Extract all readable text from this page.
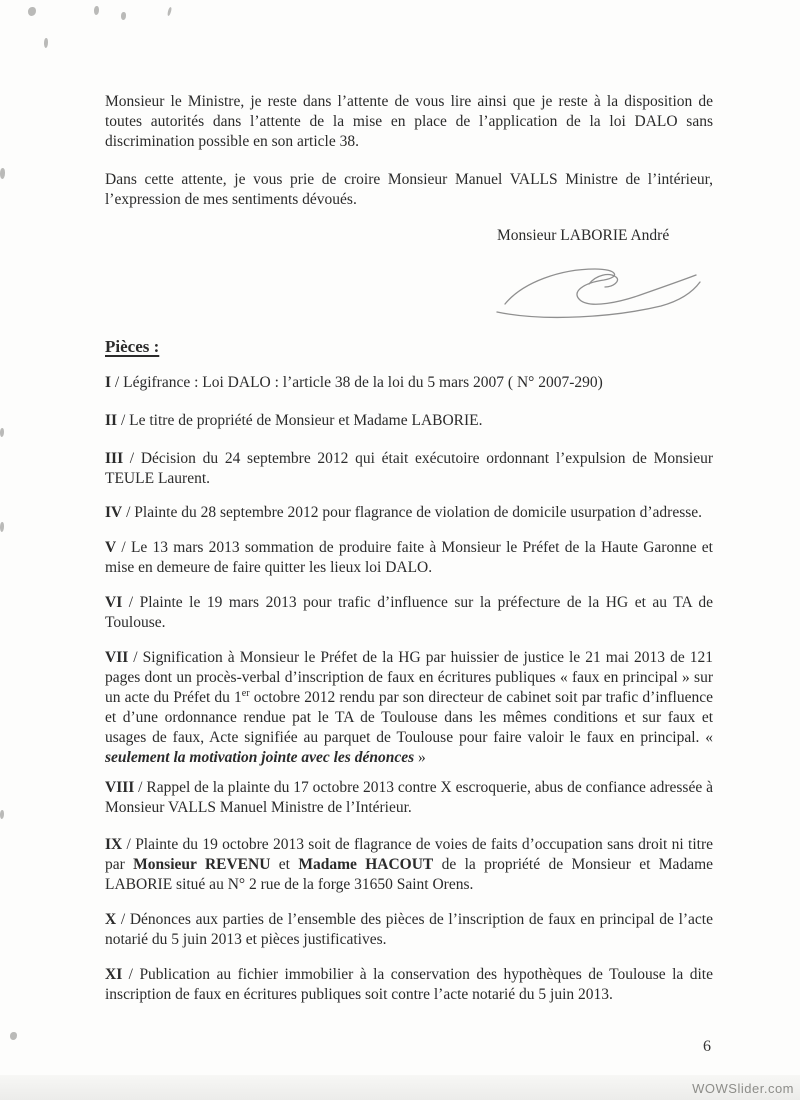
Monsieur le Ministre, je reste dans l’attente de vous lire ainsi que je reste à la disposition de toutes autorités dans l’attente de la mise en place de l’application de la loi DALO sans discrimination possible en son article 38.

Dans cette attente, je vous prie de croire Monsieur Manuel VALLS Ministre de l’intérieur, l’expression de mes sentiments dévoués.

Monsieur LABORIE André
Pièces :

I / Légifrance : Loi DALO : l’article 38 de la loi du 5 mars 2007 ( N° 2007-290)

II / Le titre de propriété de Monsieur et Madame LABORIE.

III / Décision du 24 septembre 2012 qui était exécutoire ordonnant l’expulsion de Monsieur TEULE Laurent.

IV / Plainte du 28 septembre 2012 pour flagrance de violation de domicile usurpation d’adresse.

V / Le 13 mars 2013 sommation de produire faite à Monsieur le Préfet de la Haute Garonne et mise en demeure de faire quitter les lieux loi DALO.

VI / Plainte le 19 mars 2013 pour trafic d’influence sur la préfecture de la HG et au TA de Toulouse.

VII / Signification à Monsieur le Préfet de la HG par huissier de justice le 21 mai 2013 de 121 pages dont un procès-verbal d’inscription de faux en écritures publiques « faux en principal » sur un acte du Préfet du 1er octobre 2012 rendu par son directeur de cabinet soit par trafic d’influence et d’une ordonnance rendue pat le TA de Toulouse dans les mêmes conditions et sur faux et usages de faux, Acte signifiée au parquet de Toulouse pour faire valoir le faux en principal. « seulement la motivation jointe avec les dénonces »

VIII / Rappel de la plainte du 17 octobre 2013 contre X escroquerie, abus de confiance adressée à Monsieur VALLS Manuel Ministre de l’Intérieur.

IX / Plainte du 19 octobre 2013 soit de flagrance de voies de faits d’occupation sans droit ni titre par Monsieur REVENU et Madame HACOUT de la propriété de Monsieur et Madame LABORIE situé au N° 2 rue de la forge 31650 Saint Orens.

X / Dénonces aux parties de l’ensemble des pièces de l’inscription de faux en principal de l’acte notarié du 5 juin 2013 et pièces justificatives.

XI / Publication au fichier immobilier à la conservation des hypothèques de Toulouse la dite inscription de faux en écritures publiques soit contre l’acte notarié du 5 juin 2013.

6
WOWSlider.com
